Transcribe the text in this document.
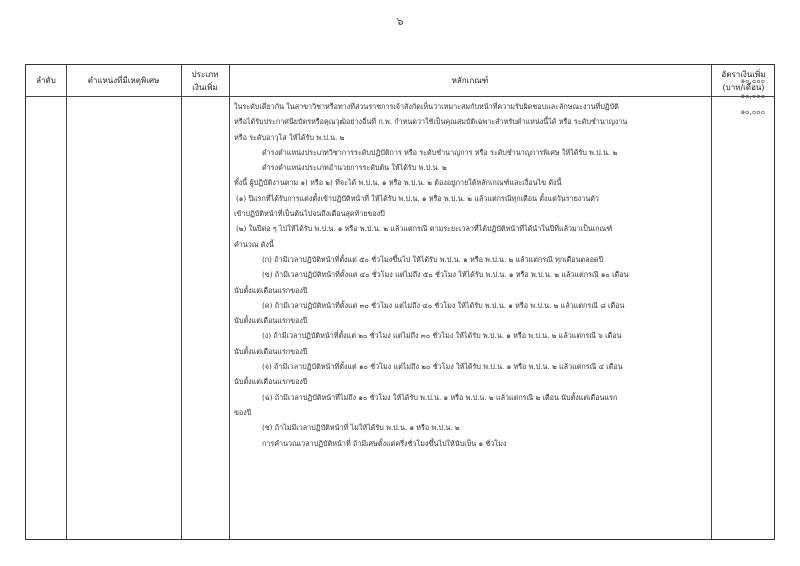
๖
ลำดับ	ตำแหน่งที่มีเหตุพิเศษ
ประเภท
เงินเพิ่ม
หลักเกณฑ์
อัตราเงินเพิ่ม
(บาท/เดือน)
ในระดับเดียวกัน ในสาขาวิชาหรือทางที่ส่วนราชการเจ้าสังกัดเห็นว่าเหมาะสมกับหน้าที่ความรับผิดชอบและลักษณะงานที่ปฏิบัติ
หรือได้รับประกาศนียบัตรหรือคุณวุฒิอย่างอื่นที่ ก.พ. กำหนดว่าใช้เป็นคุณสมบัติเฉพาะสำหรับตำแหน่งนี้ได้ หรือ ระดับชำนาญงาน
หรือ ระดับอาวุโส ให้ได้รับ พ.ป.น. ๒
ดำรงตำแหน่งประเภทวิชาการระดับปฏิบัติการ หรือ ระดับชำนาญการ หรือ ระดับชำนาญการพิเศษ ให้ได้รับ พ.ป.น. ๒
ดำรงตำแหน่งประเภทอำนวยการระดับต้น ให้ได้รับ พ.ป.น. ๒
ทั้งนี้ ผู้ปฏิบัติงานตาม ๑) หรือ ๒) ที่จะได้ พ.ป.น. ๑ หรือ พ.ป.น. ๒ ต้องอยู่ภายใต้หลักเกณฑ์และเงื่อนไข ดังนี้
(๑) ปีแรกที่ได้รับการแต่งตั้งเข้าปฏิบัติหน้าที่ ให้ได้รับ พ.ป.น. ๑ หรือ พ.ป.น. ๒ แล้วแต่กรณีทุกเดือน ตั้งแต่วันรายงานตัว
เข้าปฏิบัติหน้าที่เป็นต้นไปจนถึงเดือนสุดท้ายของปี
(๒) ในปีต่อ ๆ ไปให้ได้รับ พ.ป.น. ๑ หรือ พ.ป.น. ๒ แล้วแต่กรณี ตามระยะเวลาที่ได้ปฏิบัติหน้าที่ได้นำในปีที่แล้วมาเป็นเกณฑ์
คำนวณ ดังนี้
(ก) ถ้ามีเวลาปฏิบัติหน้าที่ตั้งแต่ ๕๐ ชั่วโมงขึ้นไป ให้ได้รับ พ.ป.น. ๑ หรือ พ.ป.น. ๒ แล้วแต่กรณี ทุกเดือนตลอดปี
(ข) ถ้ามีเวลาปฏิบัติหน้าที่ตั้งแต่ ๔๐ ชั่วโมง แต่ไม่ถึง ๕๐ ชั่วโมง ให้ได้รับ พ.ป.น. ๑ หรือ พ.ป.น. ๒ แล้วแต่กรณี ๑๐ เดือน
นับตั้งแต่เดือนแรกของปี
(ค) ถ้ามีเวลาปฏิบัติหน้าที่ตั้งแต่ ๓๐ ชั่วโมง แต่ไม่ถึง ๔๐ ชั่วโมง ให้ได้รับ พ.ป.น. ๑ หรือ พ.ป.น. ๒ แล้วแต่กรณี ๘ เดือน
นับตั้งแต่เดือนแรกของปี
(ง) ถ้ามีเวลาปฏิบัติหน้าที่ตั้งแต่ ๒๐ ชั่วโมง แต่ไม่ถึง ๓๐ ชั่วโมง ให้ได้รับ พ.ป.น. ๑ หรือ พ.ป.น. ๒ แล้วแต่กรณี ๖ เดือน
นับตั้งแต่เดือนแรกของปี
(จ) ถ้ามีเวลาปฏิบัติหน้าที่ตั้งแต่ ๑๐ ชั่วโมง แต่ไม่ถึง ๒๐ ชั่วโมง ให้ได้รับ พ.ป.น. ๑ หรือ พ.ป.น. ๒ แล้วแต่กรณี ๔ เดือน
นับตั้งแต่เดือนแรกของปี
(ฉ) ถ้ามีเวลาปฏิบัติหน้าที่ไม่ถึง ๑๐ ชั่วโมง ให้ได้รับ พ.ป.น. ๑ หรือ พ.ป.น. ๒ แล้วแต่กรณี ๒ เดือน นับตั้งแต่เดือนแรก
ของปี
(ช) ถ้าไม่มีเวลาปฏิบัติหน้าที่ ไม่ให้ได้รับ พ.ป.น. ๑ หรือ พ.ป.น. ๒
การคำนวณเวลาปฏิบัติหน้าที่ ถ้ามีเศษตั้งแต่ครึ่งชั่วโมงขึ้นไปให้นับเป็น ๑ ชั่วโมง
๑๐,๐๐๐
๑๐,๐๐๐
๑๐,๐๐๐
